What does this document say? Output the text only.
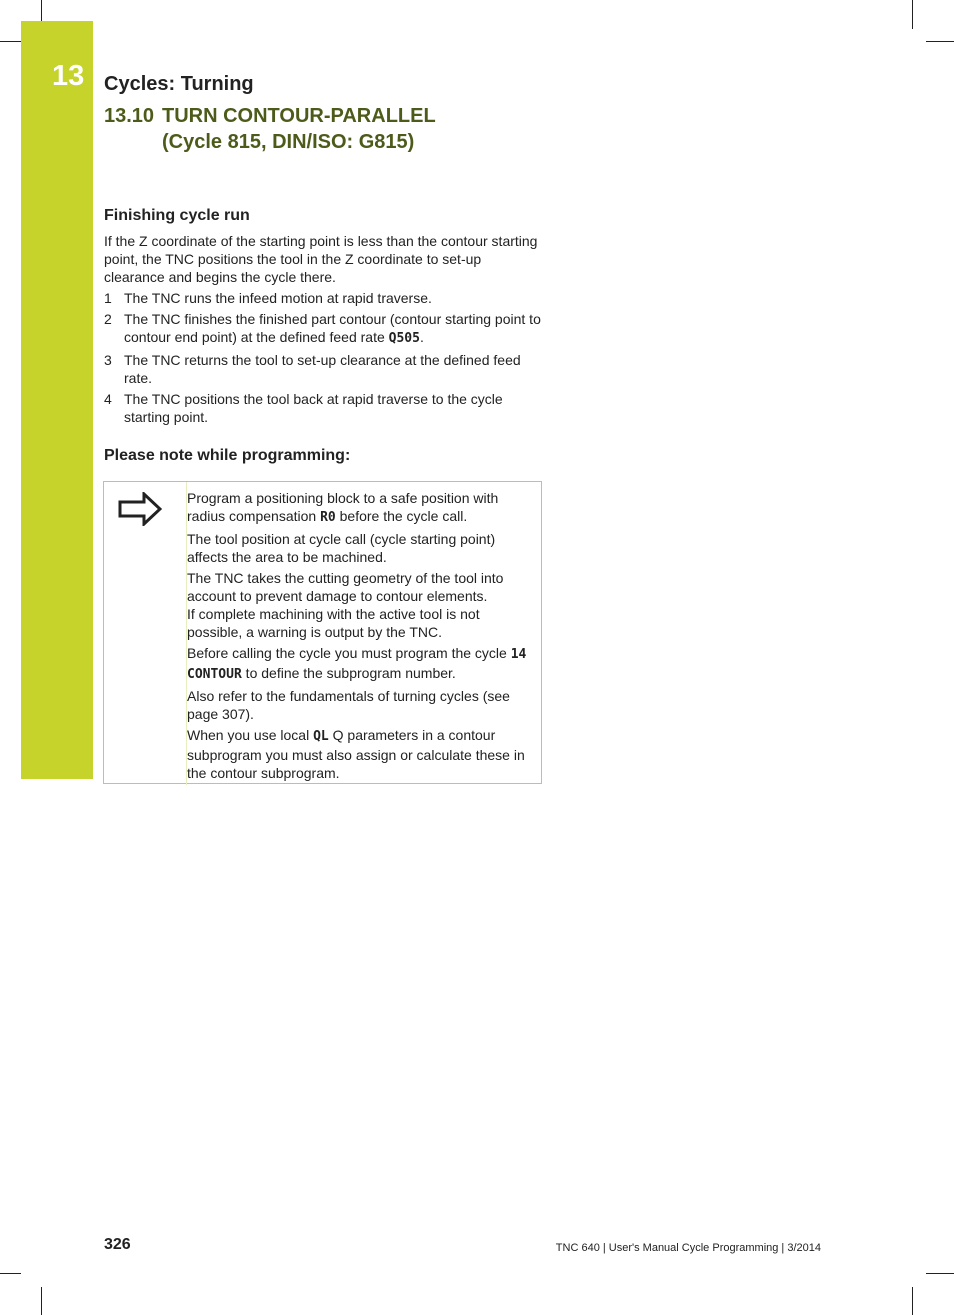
13 Cycles: Turning
13.10 TURN CONTOUR-PARALLEL
(Cycle 815, DIN/ISO: G815)
Finishing cycle run
If the Z coordinate of the starting point is less than the contour starting point, the TNC positions the tool in the Z coordinate to set-up clearance and begins the cycle there.
1 The TNC runs the infeed motion at rapid traverse.
2 The TNC finishes the finished part contour (contour starting point to contour end point) at the defined feed rate Q505.
3 The TNC returns the tool to set-up clearance at the defined feed rate.
4 The TNC positions the tool back at rapid traverse to the cycle starting point.
Please note while programming:

Program a positioning block to a safe position with radius compensation R0 before the cycle call.

The tool position at cycle call (cycle starting point) affects the area to be machined.

The TNC takes the cutting geometry of the tool into account to prevent damage to contour elements.
If complete machining with the active tool is not possible, a warning is output by the TNC.

Before calling the cycle you must program the cycle 14 CONTOUR to define the subprogram number.

Also refer to the fundamentals of turning cycles (see page 307).

When you use local QL Q parameters in a contour subprogram you must also assign or calculate these in the contour subprogram.

326	TNC 640 | User's Manual Cycle Programming | 3/2014
